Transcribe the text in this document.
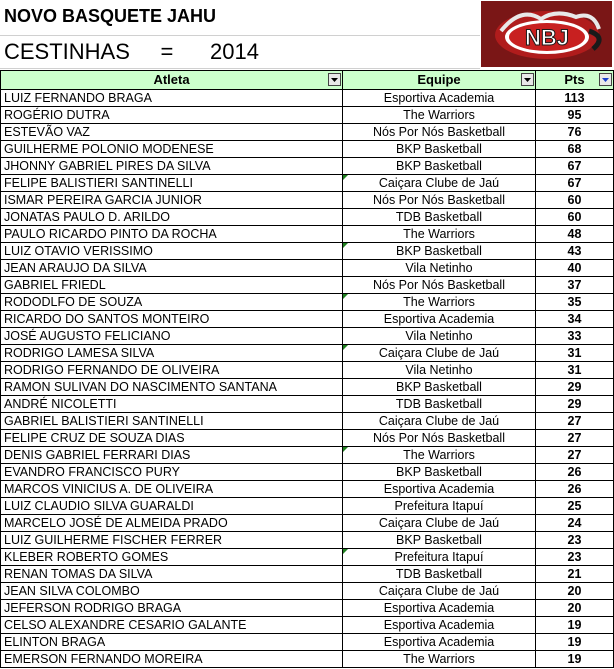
NOVO BASQUETE JAHU
CESTINHAS     =      2014
NBJ
Atleta	Equipe	Pts

LUIZ FERNANDO BRAGA	Esportiva Academia	113
ROGÉRIO DUTRA	The Warriors	95
ESTEVÃO VAZ	Nós Por Nós Basketball	76
GUILHERME POLONIO MODENESE	BKP Basketball	68
JHONNY GABRIEL PIRES DA SILVA	BKP Basketball	67
FELIPE BALISTIERI SANTINELLI	Caiçara Clube de Jaú	67
ISMAR PEREIRA GARCIA JUNIOR	Nós Por Nós Basketball	60
JONATAS PAULO D. ARILDO	TDB Basketball	60
PAULO RICARDO PINTO DA ROCHA	The Warriors	48
LUIZ OTAVIO VERISSIMO	BKP Basketball	43
JEAN ARAUJO DA SILVA	Vila Netinho	40
GABRIEL FRIEDL	Nós Por Nós Basketball	37
RODODLFO DE SOUZA	The Warriors	35
RICARDO DO SANTOS MONTEIRO	Esportiva Academia	34
JOSÉ AUGUSTO FELICIANO	Vila Netinho	33
RODRIGO LAMESA SILVA	Caiçara Clube de Jaú	31
RODRIGO FERNANDO DE OLIVEIRA	Vila Netinho	31
RAMON SULIVAN DO NASCIMENTO SANTANA	BKP Basketball	29
ANDRÉ NICOLETTI	TDB Basketball	29
GABRIEL BALISTIERI SANTINELLI	Caiçara Clube de Jaú	27
FELIPE CRUZ DE SOUZA DIAS	Nós Por Nós Basketball	27
DENIS GABRIEL FERRARI DIAS	The Warriors	27
EVANDRO FRANCISCO PURY	BKP Basketball	26
MARCOS VINICIUS A. DE OLIVEIRA	Esportiva Academia	26
LUIZ CLAUDIO SILVA GUARALDI	Prefeitura Itapuí	25
MARCELO JOSÉ DE ALMEIDA PRADO	Caiçara Clube de Jaú	24
LUIZ GUILHERME FISCHER FERRER	BKP Basketball	23
KLEBER ROBERTO GOMES	Prefeitura Itapuí	23
RENAN TOMAS DA SILVA	TDB Basketball	21
JEAN SILVA COLOMBO	Caiçara Clube de Jaú	20
JEFERSON RODRIGO BRAGA	Esportiva Academia	20
CELSO ALEXANDRE CESARIO GALANTE	Esportiva Academia	19
ELINTON BRAGA	Esportiva Academia	19
EMERSON FERNANDO MOREIRA	The Warriors	19
